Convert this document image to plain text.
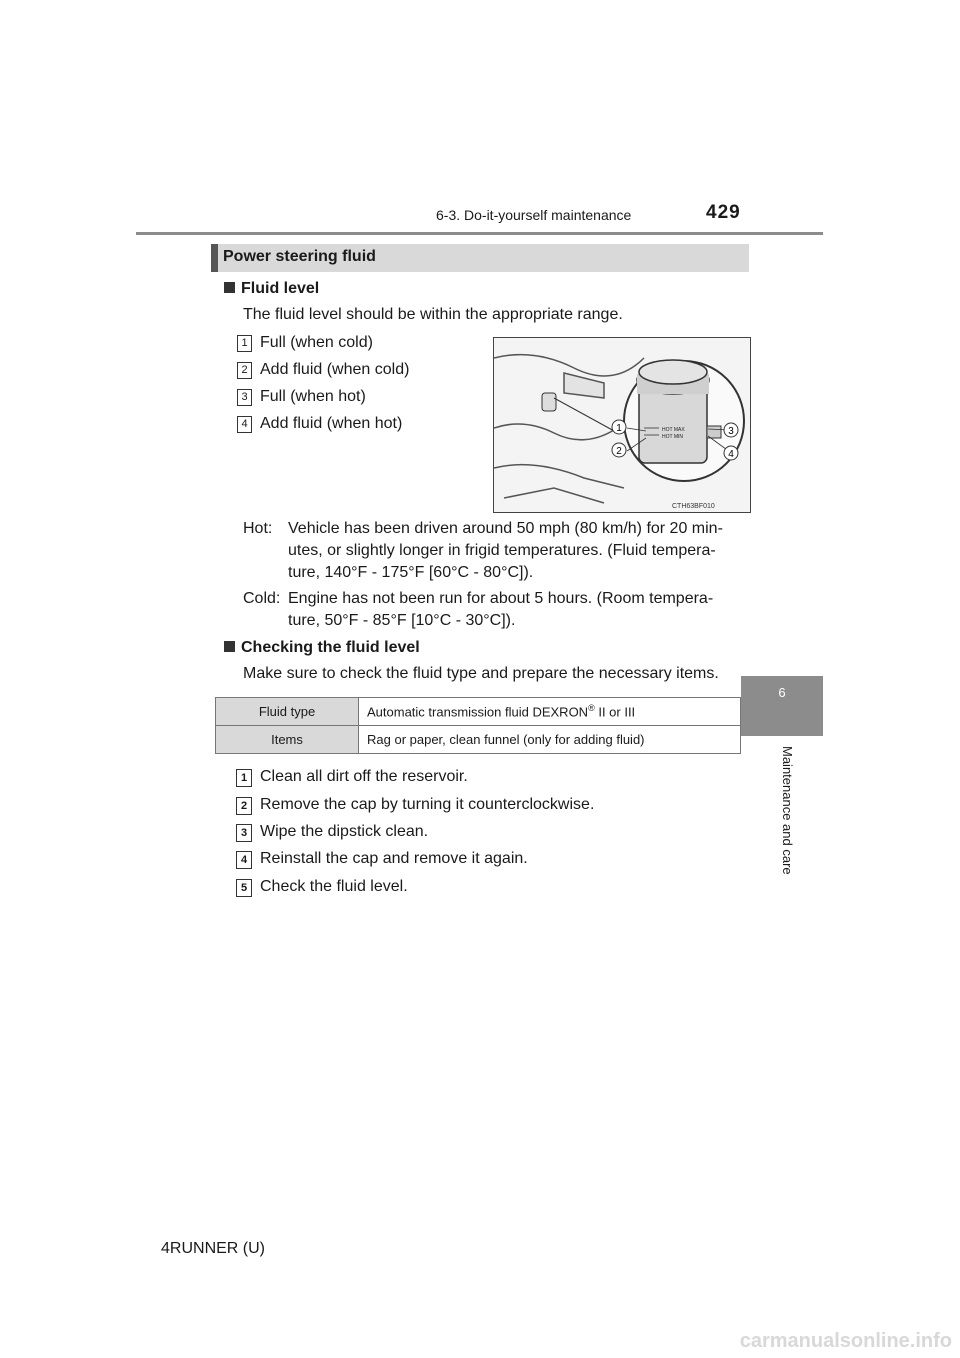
6-3. Do-it-yourself maintenance	429
6
Maintenance and care
Power steering fluid
Fluid level
The fluid level should be within the appropriate range.
1 Full (when cold)
2 Add fluid (when cold)
3 Full (when hot)
4 Add fluid (when hot)	HOT MAX
HOT MIN
1
2
3
4
CTH63BF010
Hot: Vehicle has been driven around 50 mph (80 km/h) for 20 min-
utes, or slightly longer in frigid temperatures. (Fluid tempera-
ture, 140°F - 175°F [60°C - 80°C]).
Cold: Engine has not been run for about 5 hours. (Room tempera-
ture, 50°F - 85°F [10°C - 30°C]).
Checking the fluid level
Make sure to check the fluid type and prepare the necessary items.
Fluid type	Automatic transmission fluid DEXRON® II or III
Items	Rag or paper, clean funnel (only for adding fluid)
1 Clean all dirt off the reservoir.
2 Remove the cap by turning it counterclockwise.
3 Wipe the dipstick clean.
4 Reinstall the cap and remove it again.
5 Check the fluid level.
4RUNNER (U)
carmanualsonline.info
